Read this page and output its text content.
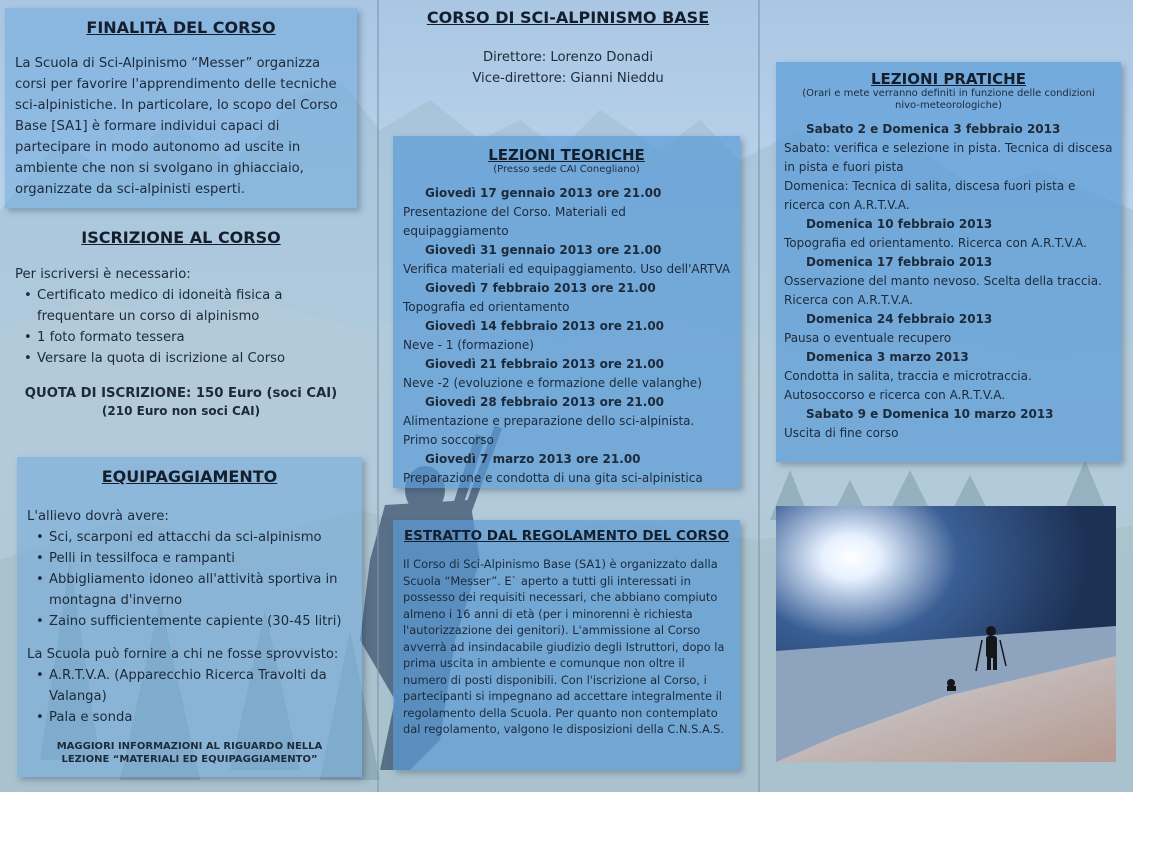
FINALITÀ DEL CORSO

La Scuola di Sci-Alpinismo “Messer” organizza corsi per favorire l'apprendimento delle tecniche sci-alpinistiche. In particolare, lo scopo del Corso Base [SA1] è formare individui capaci di partecipare in modo autonomo ad uscite in ambiente che non si svolgano in ghiacciaio, organizzate da sci-alpinisti esperti.

ISCRIZIONE AL CORSO

Per iscriversi è necessario:

• Certificato medico di idoneità fisica a frequentare un corso di alpinismo
• 1 foto formato tessera
• Versare la quota di iscrizione al Corso

QUOTA DI ISCRIZIONE: 150 Euro (soci CAI)

(210 Euro non soci CAI)

EQUIPAGGIAMENTO

L'allievo dovrà avere:

• Sci, scarponi ed attacchi da sci-alpinismo
• Pelli in tessilfoca e rampanti
• Abbigliamento idoneo all'attività sportiva in montagna d'inverno
• Zaino sufficientemente capiente (30-45 litri)

La Scuola può fornire a chi ne fosse sprovvisto:

• A.R.T.V.A. (Apparecchio Ricerca Travolti da Valanga)
• Pala e sonda

MAGGIORI INFORMAZIONI AL RIGUARDO NELLA LEZIONE “MATERIALI ED EQUIPAGGIAMENTO”

CORSO DI SCI-ALPINISMO BASE

Direttore: Lorenzo Donadi

Vice-direttore: Gianni Nieddu

LEZIONI TEORICHE

(Presso sede CAI Conegliano)

Giovedì 17 gennaio 2013 ore 21.00

Presentazione del Corso. Materiali ed equipaggiamento

Giovedì 31 gennaio 2013 ore 21.00

Verifica materiali ed equipaggiamento. Uso dell'ARTVA

Giovedì 7 febbraio 2013 ore 21.00

Topografia ed orientamento

Giovedì 14 febbraio 2013 ore 21.00

Neve - 1 (formazione)

Giovedì 21 febbraio 2013 ore 21.00

Neve -2 (evoluzione e formazione delle valanghe)

Giovedì 28 febbraio 2013 ore 21.00

Alimentazione e preparazione dello sci-alpinista. Primo soccorso

Giovedì 7 marzo 2013 ore 21.00

Preparazione e condotta di una gita sci-alpinistica

ESTRATTO DAL REGOLAMENTO DEL CORSO

Il Corso di Sci-Alpinismo Base (SA1) è organizzato dalla Scuola “Messer”. E` aperto a tutti gli interessati in possesso dei requisiti necessari, che abbiano compiuto almeno i 16 anni di età (per i minorenni è richiesta l'autorizzazione dei genitori). L'ammissione al Corso avverrà ad insindacabile giudizio degli Istruttori, dopo la prima uscita in ambiente e comunque non oltre il numero di posti disponibili. Con l'iscrizione al Corso, i partecipanti si impegnano ad accettare integralmente il regolamento della Scuola. Per quanto non contemplato dal regolamento, valgono le disposizioni della C.N.S.A.S.

LEZIONI PRATICHE

(Orari e mete verranno definiti in funzione delle condizioni nivo-meteorologiche)

Sabato 2 e Domenica 3 febbraio 2013

Sabato: verifica e selezione in pista. Tecnica di discesa in pista e fuori pista

Domenica: Tecnica di salita, discesa fuori pista e ricerca con A.R.T.V.A.

Domenica 10 febbraio 2013

Topografia ed orientamento. Ricerca con A.R.T.V.A.

Domenica 17 febbraio 2013

Osservazione del manto nevoso. Scelta della traccia. Ricerca con A.R.T.V.A.

Domenica 24 febbraio 2013

Pausa o eventuale recupero

Domenica 3 marzo 2013

Condotta in salita, traccia e microtraccia. Autosoccorso e ricerca con A.R.T.V.A.

Sabato 9 e Domenica 10 marzo 2013

Uscita di fine corso
